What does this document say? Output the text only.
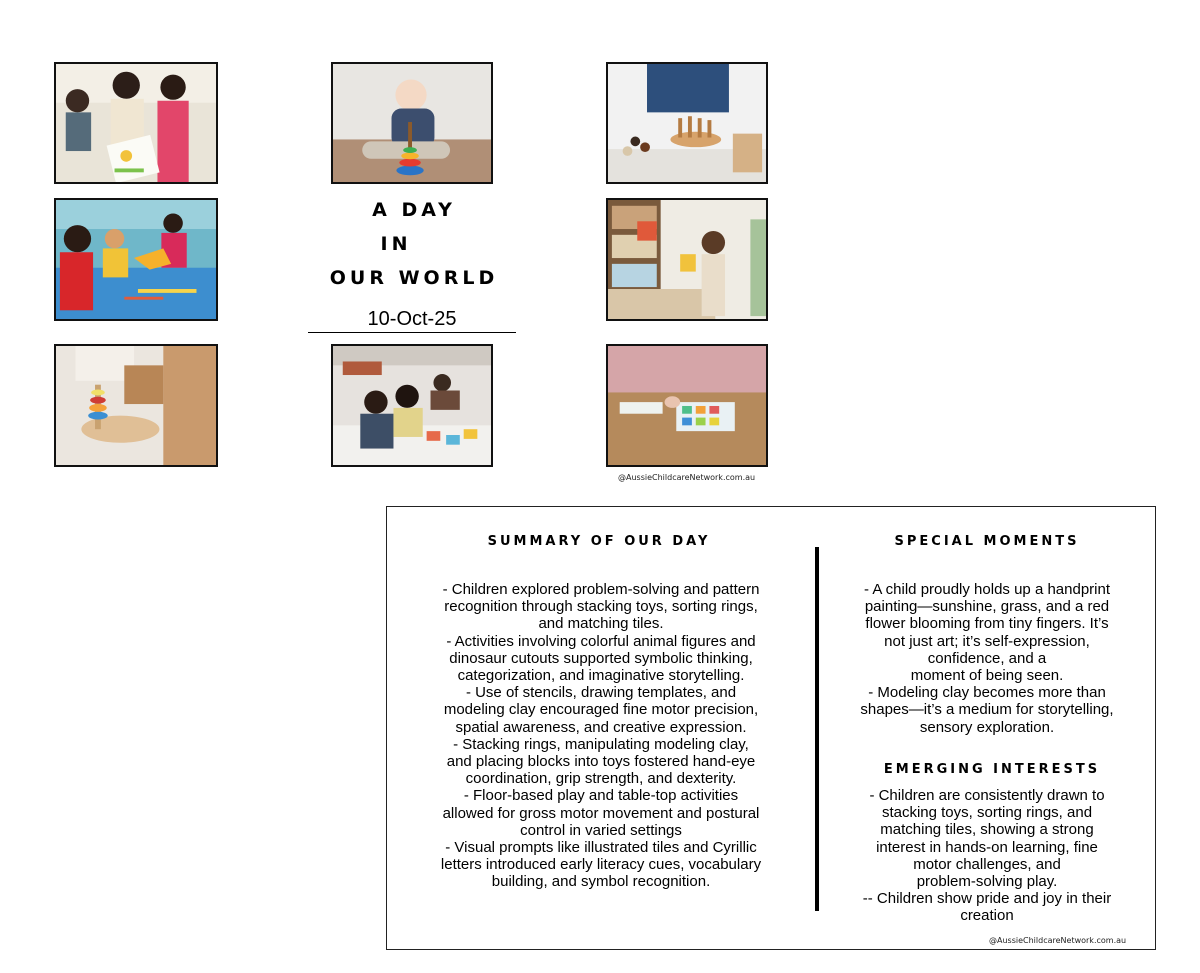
A DAY
IN
OUR WORLD
10-Oct-25
@AussieChildcareNetwork.com.au
SUMMARY OF OUR DAY
- Children explored problem-solving and pattern
recognition through stacking toys, sorting rings,
and matching tiles.
- Activities involving colorful animal figures and
dinosaur cutouts supported symbolic thinking,
categorization, and imaginative storytelling.
- Use of stencils, drawing templates, and
modeling clay encouraged fine motor precision,
spatial awareness, and creative expression.
- Stacking rings, manipulating modeling clay,
and placing blocks into toys fostered hand-eye
coordination, grip strength, and dexterity.
- Floor-based play and table-top activities
allowed for gross motor movement and postural
control in varied settings
- Visual prompts like illustrated tiles and Cyrillic
letters introduced early literacy cues, vocabulary
building, and symbol recognition.
SPECIAL MOMENTS
- A child proudly holds up a handprint
painting—sunshine, grass, and a red
flower blooming from tiny fingers. It’s
not just art; it’s self-expression,
confidence, and a
moment of being seen.
- Modeling clay becomes more than
shapes—it’s a medium for storytelling,
sensory exploration.
EMERGING INTERESTS
- Children are consistently drawn to
stacking toys, sorting rings, and
matching tiles, showing a strong
interest in hands-on learning, fine
motor challenges, and
problem-solving play.
-- Children show pride and joy in their
creation
@AussieChildcareNetwork.com.au
